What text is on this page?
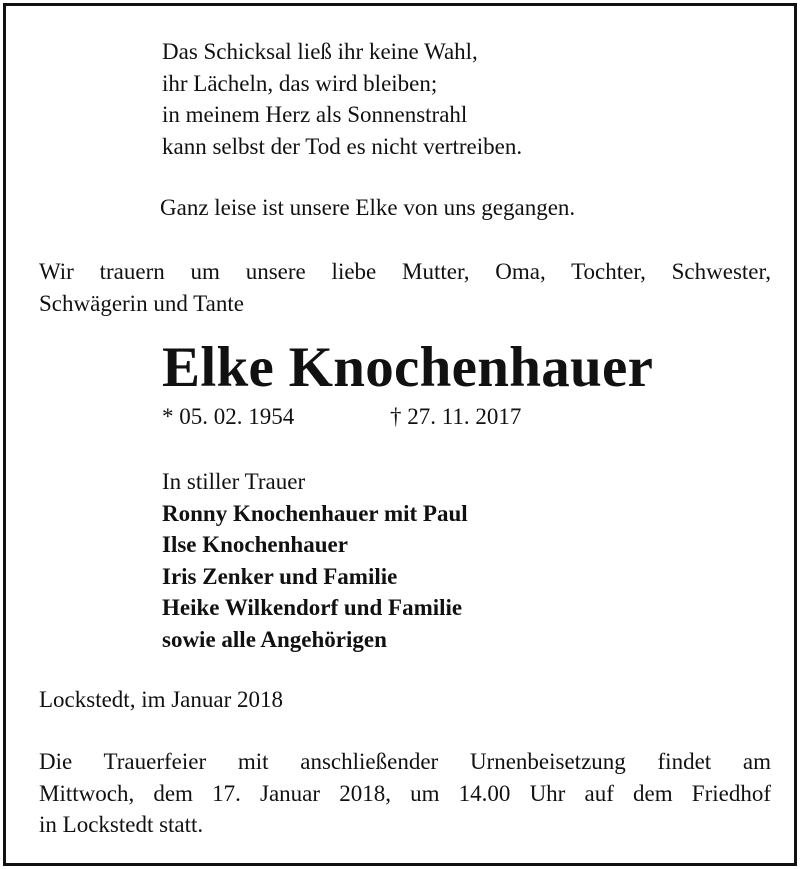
Das Schicksal ließ ihr keine Wahl,
ihr Lächeln, das wird bleiben;
in meinem Herz als Sonnenstrahl
kann selbst der Tod es nicht vertreiben.
Ganz leise ist unsere Elke von uns gegangen.
Wir trauern um unsere liebe Mutter, Oma, Tochter, Schwester,
Schwägerin und Tante
Elke Knochenhauer
* 05. 02. 1954	† 27. 11. 2017
In stiller Trauer
Ronny Knochenhauer mit Paul
Ilse Knochenhauer
Iris Zenker und Familie
Heike Wilkendorf und Familie
sowie alle Angehörigen
Lockstedt, im Januar 2018
Die Trauerfeier mit anschließender Urnenbeisetzung findet am
Mittwoch, dem 17. Januar 2018, um 14.00 Uhr auf dem Friedhof
in Lockstedt statt.
